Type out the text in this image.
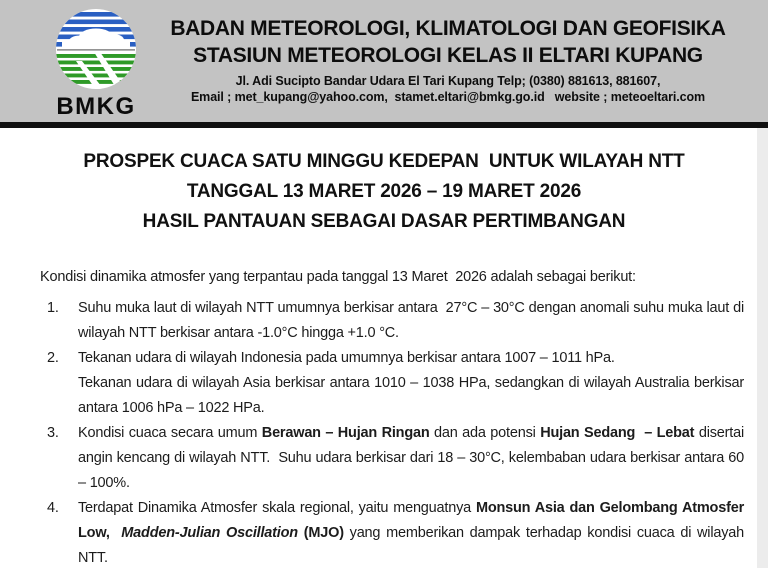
BMKG
BADAN METEOROLOGI, KLIMATOLOGI DAN GEOFISIKA
STASIUN METEOROLOGI KELAS II ELTARI KUPANG
Jl. Adi Sucipto Bandar Udara El Tari Kupang Telp; (0380) 881613, 881607,
Email ; met_kupang@yahoo.com,  stamet.eltari@bmkg.go.id   website ; meteoeltari.com
PROSPEK CUACA SATU MINGGU KEDEPAN  UNTUK WILAYAH NTT
TANGGAL 13 MARET 2026 – 19 MARET 2026
HASIL PANTAUAN SEBAGAI DASAR PERTIMBANGAN

Kondisi dinamika atmosfer yang terpantau pada tanggal 13 Maret  2026 adalah sebagai berikut:

1.	Suhu muka laut di wilayah NTT umumnya berkisar antara  27°C – 30°C dengan anomali suhu muka laut di wilayah NTT berkisar antara -1.0°C hingga +1.0 °C.

2.	Tekanan udara di wilayah Indonesia pada umumnya berkisar antara 1007 – 1011 hPa.

Tekanan udara di wilayah Asia berkisar antara 1010 – 1038 HPa, sedangkan di wilayah Australia berkisar antara 1006 hPa – 1022 HPa.

3.	Kondisi cuaca secara umum Berawan – Hujan Ringan dan ada potensi Hujan Sedang  – Lebat disertai angin kencang di wilayah NTT.  Suhu udara berkisar dari 18 – 30°C, kelembaban udara berkisar antara 60 – 100%.

4.	Terdapat Dinamika Atmosfer skala regional, yaitu menguatnya Monsun Asia dan Gelombang Atmosfer Low,  Madden-Julian Oscillation (MJO) yang memberikan dampak terhadap kondisi cuaca di wilayah NTT.
